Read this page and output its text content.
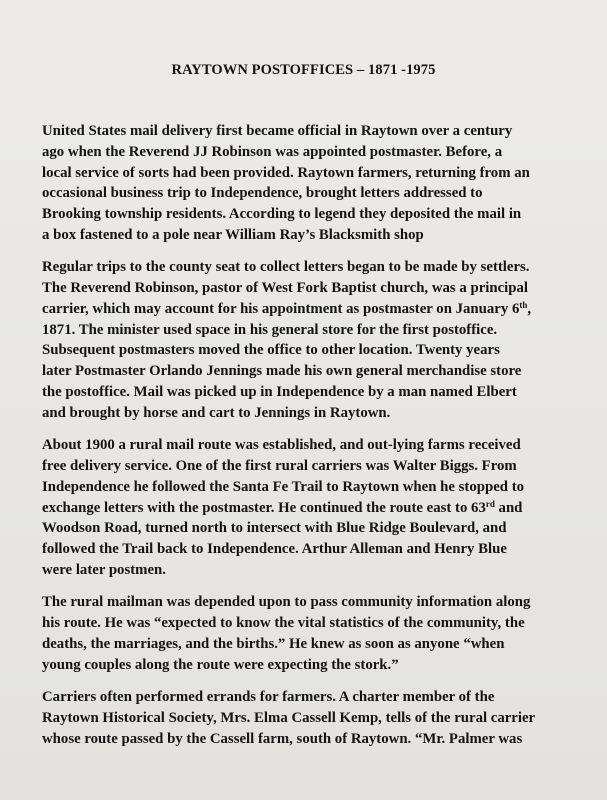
RAYTOWN POSTOFFICES – 1871 -1975

United States mail delivery first became official in Raytown over a century
ago when the Reverend JJ Robinson was appointed postmaster. Before, a
local service of sorts had been provided. Raytown farmers, returning from an
occasional business trip to Independence, brought letters addressed to
Brooking township residents. According to legend they deposited the mail in
a box fastened to a pole near William Ray’s Blacksmith shop

Regular trips to the county seat to collect letters began to be made by settlers.
The Reverend Robinson, pastor of West Fork Baptist church, was a principal
carrier, which may account for his appointment as postmaster on January 6th,
1871. The minister used space in his general store for the first postoffice.
Subsequent postmasters moved the office to other location. Twenty years
later Postmaster Orlando Jennings made his own general merchandise store
the postoffice. Mail was picked up in Independence by a man named Elbert
and brought by horse and cart to Jennings in Raytown.

About 1900 a rural mail route was established, and out-lying farms received
free delivery service. One of the first rural carriers was Walter Biggs. From
Independence he followed the Santa Fe Trail to Raytown when he stopped to
exchange letters with the postmaster. He continued the route east to 63rd and
Woodson Road, turned north to intersect with Blue Ridge Boulevard, and
followed the Trail back to Independence. Arthur Alleman and Henry Blue
were later postmen.

The rural mailman was depended upon to pass community information along
his route. He was “expected to know the vital statistics of the community, the
deaths, the marriages, and the births.” He knew as soon as anyone “when
young couples along the route were expecting the stork.”

Carriers often performed errands for farmers. A charter member of the
Raytown Historical Society, Mrs. Elma Cassell Kemp, tells of the rural carrier
whose route passed by the Cassell farm, south of Raytown. “Mr. Palmer was
